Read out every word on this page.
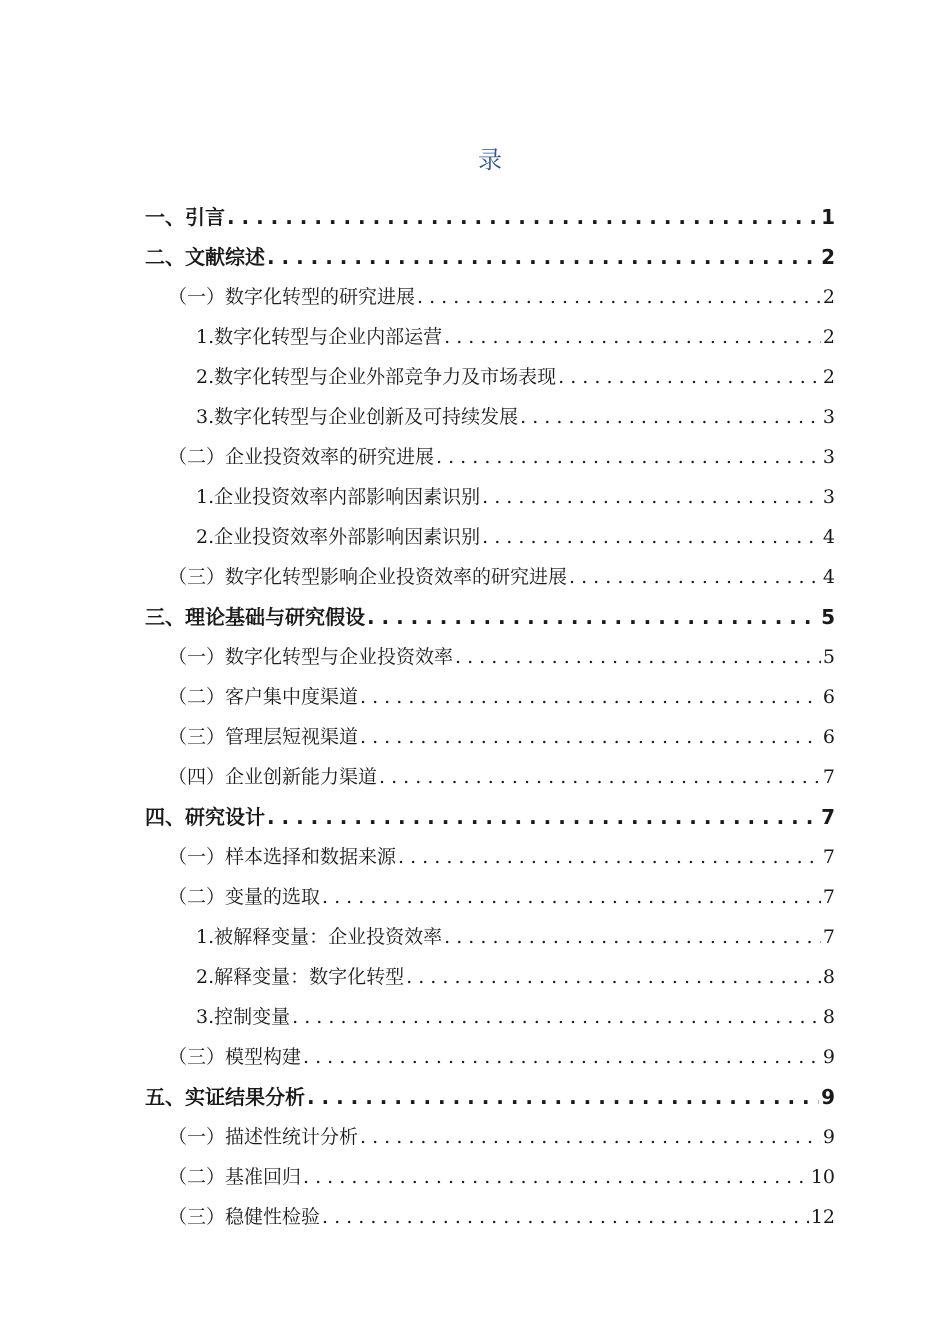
录
一、引言 . . .	1
二、文献综述 . . .	2
（一）数字化转型的研究进展 . . .	2
1.数字化转型与企业内部运营 . . .	2
2.数字化转型与企业外部竞争力及市场表现 . . .	2
3.数字化转型与企业创新及可持续发展 . . .	3
（二）企业投资效率的研究进展 . . .	3
1.企业投资效率内部影响因素识别 . . .	3
2.企业投资效率外部影响因素识别 . . .	4
（三）数字化转型影响企业投资效率的研究进展 . . .	4
三、理论基础与研究假设 . . .	5
（一）数字化转型与企业投资效率 . . .	5
（二）客户集中度渠道 . . .	6
（三）管理层短视渠道 . . .	6
（四）企业创新能力渠道 . . .	7
四、研究设计 . . .	7
（一）样本选择和数据来源 . . .	7
（二）变量的选取 . . .	7
1.被解释变量：企业投资效率 . . .	7
2.解释变量：数字化转型 . . .	8
3.控制变量 . . .	8
（三）模型构建 . . .	9
五、实证结果分析 . . .	9
（一）描述性统计分析 . . .	9
（二）基准回归 . . .	10
（三）稳健性检验 . . .	12
